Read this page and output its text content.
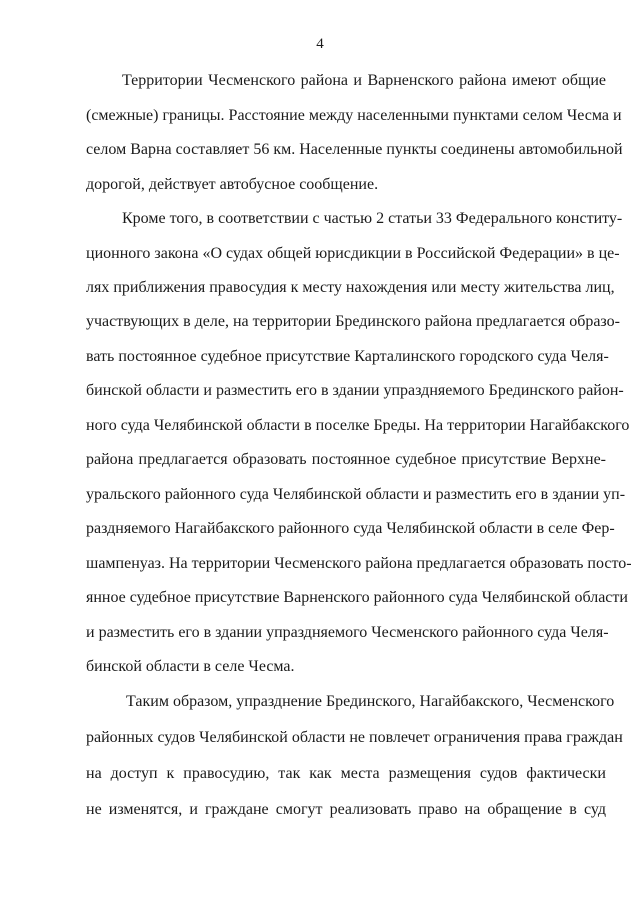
4
Территории Чесменского района и Варненского района имеют общие
(смежные) границы. Расстояние между населенными пунктами селом Чесма и
селом Варна составляет 56 км. Населенные пункты соединены автомобильной
дорогой, действует автобусное сообщение.
Кроме того, в соответствии с частью 2 статьи 33 Федерального конститу-
ционного закона «О судах общей юрисдикции в Российской Федерации» в це-
лях приближения правосудия к месту нахождения или месту жительства лиц,
участвующих в деле, на территории Брединского района предлагается образо-
вать постоянное судебное присутствие Карталинского городского суда Челя-
бинской области и разместить его в здании упраздняемого Брединского район-
ного суда Челябинской области в поселке Бреды. На территории Нагайбакского
района предлагается образовать постоянное судебное присутствие Верхне-
уральского районного суда Челябинской области и разместить его в здании уп-
раздняемого Нагайбакского районного суда Челябинской области в селе Фер-
шампенуаз. На территории Чесменского района предлагается образовать посто-
янное судебное присутствие Варненского районного суда Челябинской области
и разместить его в здании упраздняемого Чесменского районного суда Челя-
бинской области в селе Чесма.
Таким образом, упразднение Брединского, Нагайбакского, Чесменского
районных судов Челябинской области не повлечет ограничения права граждан
на доступ к правосудию, так как места размещения судов фактически
не изменятся, и граждане смогут реализовать право на обращение в суд
